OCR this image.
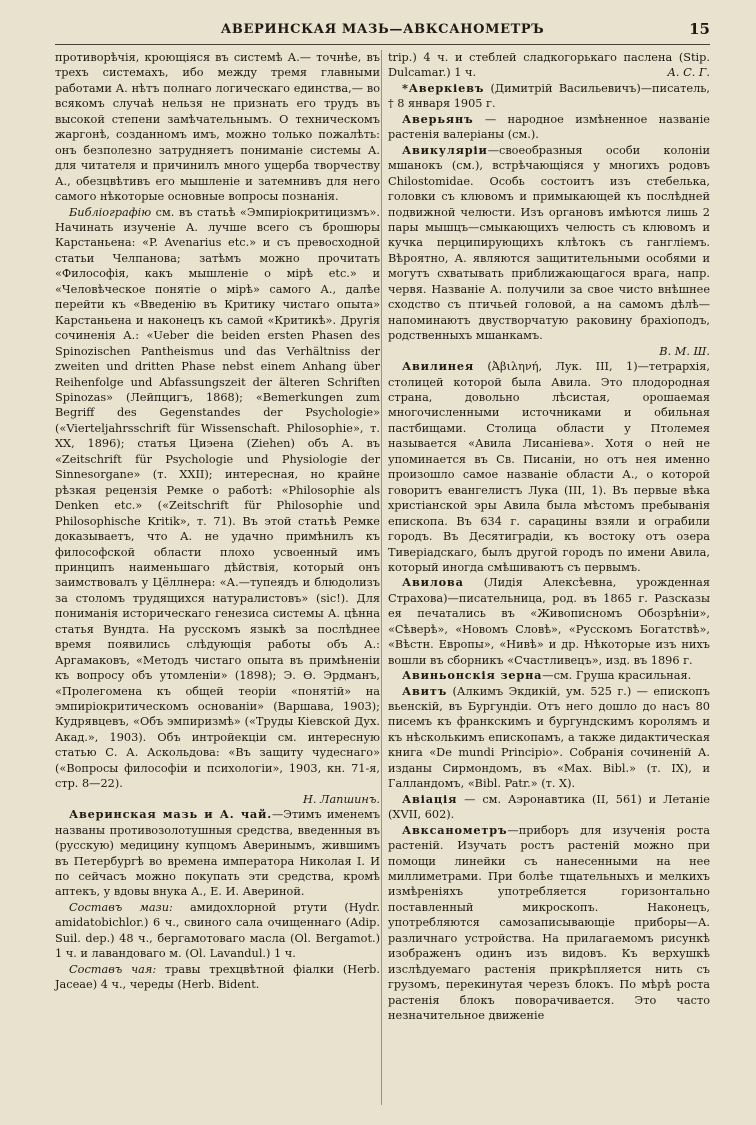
АВЕРИНСКАЯ МАЗЬ—АВКСАНОМЕТРЪ	15

противорѣчія, кроющіяся въ системѣ А.— точнѣе, въ трехъ системахъ, ибо между тремя главными работами А. нѣтъ полнаго логическаго единства,— во всякомъ случаѣ нельзя не признать его трудъ въ высокой степени замѣчательнымъ. О техническомъ жаргонѣ, созданномъ имъ, можно только пожалѣть: онъ безполезно затрудняетъ пониманіе системы А. для читателя и причинилъ много ущерба творчеству А., обезцвѣтивъ его мышленіе и затемнивъ для него самого нѣкоторые основные вопросы познанія.

Библіографію см. въ статьѣ «Эмпиріокритицизмъ». Начинать изученіе А. лучше всего съ брошюры Карстаньена: «P. Avenarius etc.» и съ превосходной статьи Челпанова; затѣмъ можно прочитать «Философія, какъ мышленіе о мірѣ etc.» и «Человѣческое понятіе о мірѣ» самого А., далѣе перейти къ «Введенію въ Критику чистаго опыта» Карстаньена и наконецъ къ самой «Критикѣ». Другія сочиненія А.: «Ueber die beiden ersten Phasen des Spinozischen Pantheismus und das Verhältniss der zweiten und dritten Phase nebst einem Anhang über Reihenfolge und Abfassungszeit der älteren Schriften Spinozas» (Лейпцигъ, 1868); «Bemerkungen zum Begriff des Gegenstandes der Psychologie» («Vierteljahrsschrift für Wissenschaft. Philosophie», т. XX, 1896); статья Циэена (Ziehen) объ А. въ «Zeitschrift für Psychologie und Physiologie der Sinnesorgane» (т. XXII); интересная, но крайне рѣзкая рецензія Ремке о работѣ: «Philosophie als Denken etc.» («Zeitschrift für Philosophie und Philosophische Kritik», т. 71). Въ этой статьѣ Ремке доказываетъ, что А. не удачно примѣнилъ къ философской области плохо усвоенный имъ принципъ наименьшаго дѣйствія, который онъ заимствовалъ у Цёллнера: «А.—тупеядъ и блюдолизъ за столомъ трудящихся натуралистовъ» (sic!). Для пониманія историческаго генезиса системы А. цѣнна статья Вундта. На русскомъ языкѣ за послѣднее время появились слѣдующія работы объ А.: Аргамаковъ, «Методъ чистаго опыта въ примѣненіи къ вопросу объ утомленіи» (1898); Э. Ө. Эрдманъ, «Пролегомена къ общей теоріи «понятій» на эмпиріокритическомъ основаніи» (Варшава, 1903); Кудрявцевъ, «Объ эмпиризмѣ» («Труды Кіевской Дух. Акад.», 1903). Объ интройекціи см. интересную статью С. А. Аскольдова: «Въ защиту чудеснаго» («Вопросы философіи и психологіи», 1903, кн. 71-я, стр. 8—22).
Н. Лапшинъ.

Аверинская мазь и А. чай.—Этимъ именемъ названы противозолотушныя средства, введенныя въ (русскую) медицину купцомъ Аверинымъ, жившимъ въ Петербургѣ во времена императора Николая I. И по сейчасъ можно покупать эти средства, кромѣ аптекъ, у вдовы внука А., Е. И. Авериной.

Составъ мази: амидохлорной ртути (Hydr. amidatobichlor.) 6 ч., свиного сала очищеннаго (Adip. Suil. dep.) 48 ч., бергамотоваго масла (Ol. Bergamot.) 1 ч. и лавандоваго м. (Ol. Lavandul.) 1 ч.

Составъ чая: травы трехцвѣтной фіалки (Herb. Jaceae) 4 ч., череды (Herb. Bident.

trip.) 4 ч. и стеблей сладкогорькаго пасленa (Stip. Dulcamar.) 1 ч.	А. С. Г.

*Аверкіевъ (Димитрій Васильевичъ)—писатель, † 8 января 1905 г.

Аверьянъ — народное измѣненное названіе растенія валеріаны (см.).

Авикуляріи—своеобразныя особи колоніи мшанокъ (см.), встрѣчающіяся у многихъ родовъ Chilostomidae. Особь состоитъ изъ стебелька, головки съ клювомъ и примыкающей къ послѣдней подвижной челюсти. Изъ органовъ имѣются лишь 2 пары мышцъ—смыкающихъ челюсть съ клювомъ и кучка перципирующихъ клѣтокъ съ гангліемъ. Вѣроятно, А. являются защитительными особями и могутъ схватывать приближающагося врага, напр. червя. Названіе А. получили за свое чисто внѣшнее сходство съ птичьей головой, а на самомъ дѣлѣ—напоминаютъ двустворчатую раковину брахіоподъ, родственныхъ мшанкамъ.
В. М. Ш.

Авилинея (Ἀβιληνή, Лук. III, 1)—тетрархія, столицей которой была Авила. Это плодородная страна, довольно лѣсистая, орошаемая многочисленными источниками и обильная пастбищами. Столица области у Птолемея называется «Авила Лисаніева». Хотя о ней не упоминается въ Св. Писаніи, но отъ нея именно произошло самое названіе области А., о которой говоритъ евангелистъ Лука (III, 1). Въ первые вѣка христіанской эры Авила была мѣстомъ пребыванія епископа. Въ 634 г. сарацины взяли и ограбили городъ. Въ Десятиградіи, къ востоку отъ озера Тиверіадскаго, былъ другой городъ по имени Авила, который иногда смѣшиваютъ съ первымъ.

Авилова (Лидія Алексѣевна, урожденная Страхова)—писательница, род. въ 1865 г. Разсказы ея печатались въ «Живописномъ Обозрѣніи», «Сѣверѣ», «Новомъ Словѣ», «Русскомъ Богатствѣ», «Вѣстн. Европы», «Нивѣ» и др. Нѣкоторые изъ нихъ вошли въ сборникъ «Счастливецъ», изд. въ 1896 г.

Авиньонскія зерна—см. Груша красильная.

Авитъ (Алкимъ Экдикій, ум. 525 г.) — епископъ вьенскій, въ Бургундіи. Отъ него дошло до насъ 80 писемъ къ франкскимъ и бургундскимъ королямъ и къ нѣсколькимъ епископамъ, а также дидактическая книга «De mundi Principio». Собранія сочиненій А. изданы Сирмондомъ, въ «Max. Bibl.» (т. IX), и Галландомъ, «Bibl. Patr.» (т. X).

Авіація — см. Аэронавтика (II, 561) и Летаніе (XVII, 602).

Авксанометръ—приборъ для изученія роста растеній. Изучать ростъ растеній можно при помощи линейки съ нанесенными на нее миллиметрами. При болѣе тщательныхъ и мелкихъ измѣреніяхъ употребляется горизонтально поставленный микроскопъ. Наконецъ, употребляются самозаписывающіе приборы—А. различнаго устройства. На прилагаемомъ рисункѣ изображенъ одинъ изъ видовъ. Къ верхушкѣ изслѣдуемаго растенія прикрѣпляется нить съ грузомъ, перекинутая черезъ блокъ. По мѣрѣ роста растенія блокъ поворачивается. Это часто незначительное движеніе
